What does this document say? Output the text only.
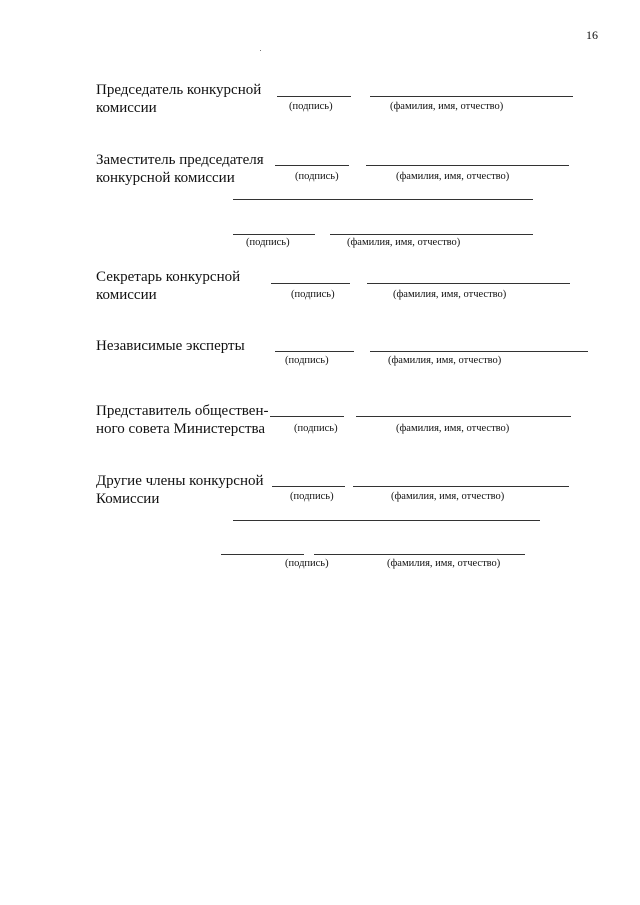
16
Председатель конкурсной
комиссии	(подпись)	(фамилия, имя, отчество)
Заместитель председателя
конкурсной комиссии	(подпись)	(фамилия, имя, отчество)
(подпись)	(фамилия, имя, отчество)
Секретарь конкурсной
комиссии	(подпись)	(фамилия, имя, отчество)
Независимые эксперты
(подпись)	(фамилия, имя, отчество)
Представитель обществен-
ного совета Министерства	(подпись)	(фамилия, имя, отчество)
Другие члены конкурсной
Комиссии	(подпись)	(фамилия, имя, отчество)
(подпись)	(фамилия, имя, отчество)
